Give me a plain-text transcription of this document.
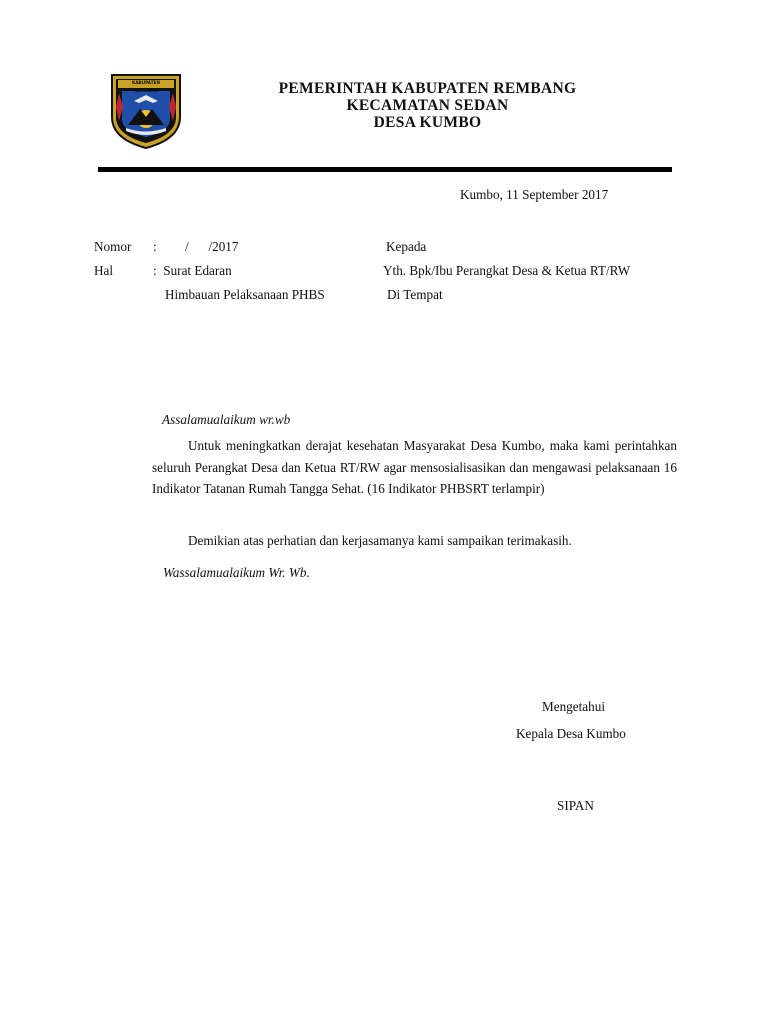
KABUPATEN REMBANG	PEMERINTAH KABUPATEN REMBANG
KECAMATAN SEDAN
DESA KUMBO
Kumbo, 11 September 2017
Nomor : /      /2017
Hal	:  Surat Edaran
Himbauan Pelaksanaan PHBS
Kepada
Yth. Bpk/Ibu Perangkat Desa & Ketua RT/RW
Di Tempat
Assalamualaikum wr.wb
Untuk meningkatkan derajat kesehatan Masyarakat Desa Kumbo, maka kami perintahkan seluruh Perangkat Desa dan Ketua RT/RW agar mensosialisasikan dan mengawasi pelaksanaan 16 Indikator Tatanan Rumah Tangga Sehat. (16 Indikator PHBSRT terlampir)
Demikian atas perhatian dan kerjasamanya kami sampaikan terimakasih.
Wassalamualaikum Wr. Wb.
Mengetahui
Kepala Desa Kumbo
SIPAN
